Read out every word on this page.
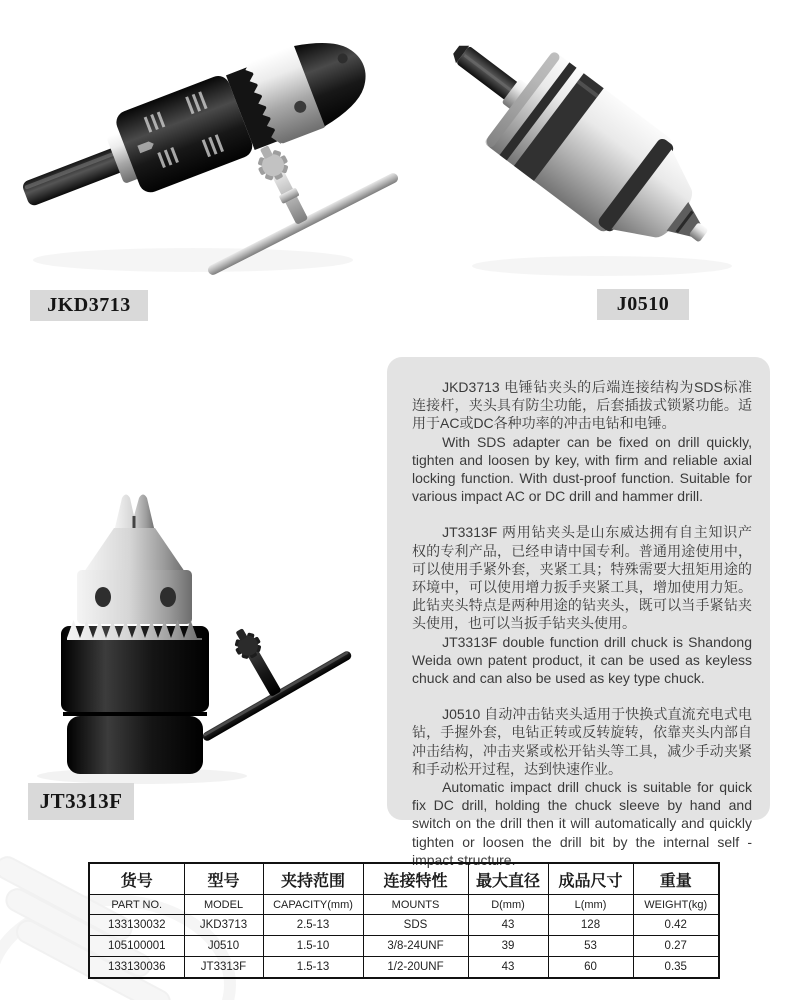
JKD3713	J0510
JT3313F

JKD3713 电锤钻夹头的后端连接结构为SDS标准连接杆，夹头具有防尘功能，后套插拔式锁紧功能。适用于AC或DC各种功率的冲击电钻和电锤。

With SDS adapter can be fixed on drill quickly, tighten and loosen by key, with firm and reliable axial locking function. With dust-proof function. Suitable for various impact AC or DC drill and hammer drill.

JT3313F 两用钻夹头是山东威达拥有自主知识产权的专利产品，已经申请中国专利。普通用途使用中，可以使用手紧外套，夹紧工具；特殊需要大扭矩用途的环境中，可以使用增力扳手夹紧工具，增加使用力矩。此钻夹头特点是两种用途的钻夹头，既可以当手紧钻夹头使用，也可以当扳手钻夹头使用。

JT3313F double function drill chuck is Shandong Weida own patent product, it can be used as keyless chuck and can also be used as key type chuck.

J0510 自动冲击钻夹头适用于快换式直流充电式电钻，手握外套，电钻正转或反转旋转，依靠夹头内部自冲击结构，冲击夹紧或松开钻头等工具，减少手动夹紧和手动松开过程，达到快速作业。

Automatic impact drill chuck is suitable for quick fix DC drill, holding the chuck sleeve by hand and switch on the drill then it will automatically and quickly tighten or loosen the drill bit by the internal self - impact structure.

货号	型号	夹持范围	连接特性	最大直径	成品尺寸	重量
PART NO.	MODEL	CAPACITY(mm)	MOUNTS	D(mm)	L(mm)	WEIGHT(kg)
133130032	JKD3713	2.5-13	SDS	43	128	0.42
105100001	J0510	1.5-10	3/8-24UNF	39	53	0.27
133130036	JT3313F	1.5-13	1/2-20UNF	43	60	0.35
